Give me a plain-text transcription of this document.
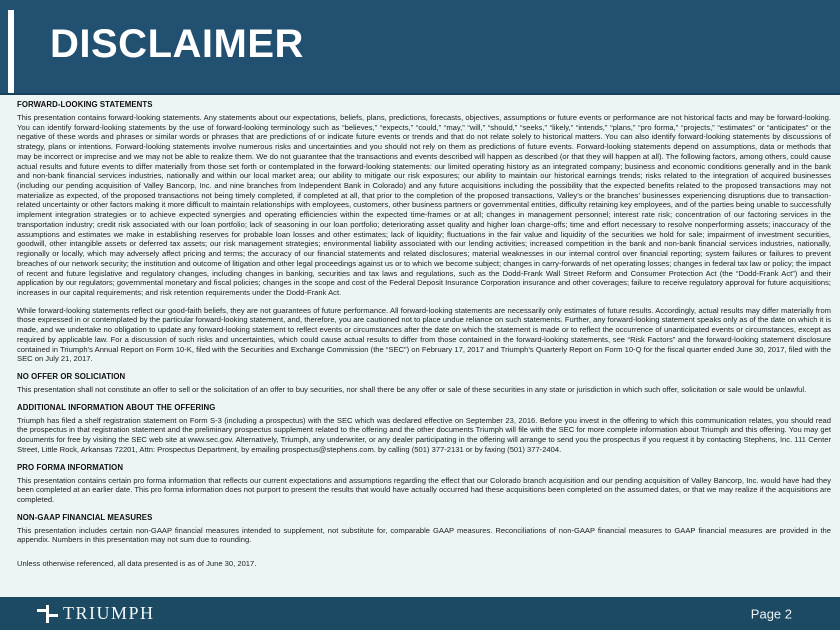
DISCLAIMER
FORWARD-LOOKING STATEMENTS

This presentation contains forward-looking statements. Any statements about our expectations, beliefs, plans, predictions, forecasts, objectives, assumptions or future events or performance are not historical facts and may be forward-looking. You can identify forward-looking statements by the use of forward-looking terminology such as “believes,” “expects,” “could,” “may,” “will,” “should,” “seeks,” “likely,” “intends,” “plans,” “pro forma,” “projects,” “estimates” or “anticipates” or the negative of these words and phrases or similar words or phrases that are predictions of or indicate future events or trends and that do not relate solely to historical matters. You can also identify forward-looking statements by discussions of strategy, plans or intentions. Forward-looking statements involve numerous risks and uncertainties and you should not rely on them as predictions of future events. Forward-looking statements depend on assumptions, data or methods that may be incorrect or imprecise and we may not be able to realize them. We do not guarantee that the transactions and events described will happen as described (or that they will happen at all). The following factors, among others, could cause actual results and future events to differ materially from those set forth or contemplated in the forward-looking statements: our limited operating history as an integrated company; business and economic conditions generally and in the bank and non-bank financial services industries, nationally and within our local market area; our ability to mitigate our risk exposures; our ability to maintain our historical earnings trends; risks related to the integration of acquired businesses (including our pending acquisition of Valley Bancorp, Inc. and nine branches from Independent Bank in Colorado) and any future acquisitions including the possibility that the expected benefits related to the proposed transactions may not materialize as expected, of the proposed transactions not being timely completed, if completed at all, that prior to the completion of the proposed transactions, Valley’s or the branches’ businesses experiencing disruptions due to transaction-related uncertainty or other factors making it more difficult to maintain relationships with employees, customers, other business partners or governmental entities, difficulty retaining key employees, and of the parties being unable to successfully implement integration strategies or to achieve expected synergies and operating efficiencies within the expected time-frames or at all; changes in management personnel; interest rate risk; concentration of our factoring services in the transportation industry; credit risk associated with our loan portfolio; lack of seasoning in our loan portfolio; deteriorating asset quality and higher loan charge-offs; time and effort necessary to resolve nonperforming assets; inaccuracy of the assumptions and estimates we make in establishing reserves for probable loan losses and other estimates; lack of liquidity; fluctuations in the fair value and liquidity of the securities we hold for sale; impairment of investment securities, goodwill, other intangible assets or deferred tax assets; our risk management strategies; environmental liability associated with our lending activities; increased competition in the bank and non-bank financial services industries, nationally, regionally or locally, which may adversely affect pricing and terms; the accuracy of our financial statements and related disclosures; material weaknesses in our internal control over financial reporting; system failures or failures to prevent breaches of our network security; the institution and outcome of litigation and other legal proceedings against us or to which we become subject; changes in carry-forwards of net operating losses; changes in federal tax law or policy; the impact of recent and future legislative and regulatory changes, including changes in banking, securities and tax laws and regulations, such as the Dodd-Frank Wall Street Reform and Consumer Protection Act (the “Dodd-Frank Act”) and their application by our regulators; governmental monetary and fiscal policies; changes in the scope and cost of the Federal Deposit Insurance Corporation insurance and other coverages; failure to receive regulatory approval for future acquisitions; increases in our capital requirements; and risk retention requirements under the Dodd-Frank Act.

While forward-looking statements reflect our good-faith beliefs, they are not guarantees of future performance. All forward-looking statements are necessarily only estimates of future results. Accordingly, actual results may differ materially from those expressed in or contemplated by the particular forward-looking statement, and, therefore, you are cautioned not to place undue reliance on such statements. Further, any forward-looking statement speaks only as of the date on which it is made, and we undertake no obligation to update any forward-looking statement to reflect events or circumstances after the date on which the statement is made or to reflect the occurrence of unanticipated events or circumstances, except as required by applicable law. For a discussion of such risks and uncertainties, which could cause actual results to differ from those contained in the forward-looking statements, see “Risk Factors” and the forward-looking statement disclosure contained in Triumph’s Annual Report on Form 10-K, filed with the Securities and Exchange Commission (the “SEC”) on February 17, 2017 and Triumph’s Quarterly Report on Form 10-Q for the fiscal quarter ended June 30, 2017, filed with the SEC on July 21, 2017.

NO OFFER OR SOLICIATION

This presentation shall not constitute an offer to sell or the solicitation of an offer to buy securities, nor shall there be any offer or sale of these securities in any state or jurisdiction in which such offer, solicitation or sale would be unlawful.

ADDITIONAL INFORMATION ABOUT THE OFFERING

Triumph has filed a shelf registration statement on Form S-3 (including a prospectus) with the SEC which was declared effective on September 23, 2016. Before you invest in the offering to which this communication relates, you should read the prospectus in that registration statement and the preliminary prospectus supplement related to the offering and the other documents Triumph will file with the SEC for more complete information about Triumph and this offering. You may get documents for free by visiting the SEC web site at www.sec.gov. Alternatively, Triumph, any underwriter, or any dealer participating in the offering will arrange to send you the prospectus if you request it by contacting Stephens, Inc. 111 Center Street, Little Rock, Arkansas 72201, Attn: Prospectus Department, by emailing prospectus@stephens.com. by calling (501) 377-2131 or by faxing (501) 377-2404.

PRO FORMA INFORMATION

This presentation contains certain pro forma information that reflects our current expectations and assumptions regarding the effect that our Colorado branch acquisition and our pending acquisition of Valley Bancorp, Inc. would have had they been completed at an earlier date. This pro forma information does not purport to present the results that would have actually occurred had these acquisitions been completed on the assumed dates, or that we may realize if the acquisitions are completed.

NON-GAAP FINANCIAL MEASURES

This presentation includes certain non-GAAP financial measures intended to supplement, not substitute for, comparable GAAP measures. Reconciliations of non-GAAP financial measures to GAAP financial measures are provided in the appendix. Numbers in this presentation may not sum due to rounding.

Unless otherwise referenced, all data presented is as of June 30, 2017.
TRIUMPH	Page 2
